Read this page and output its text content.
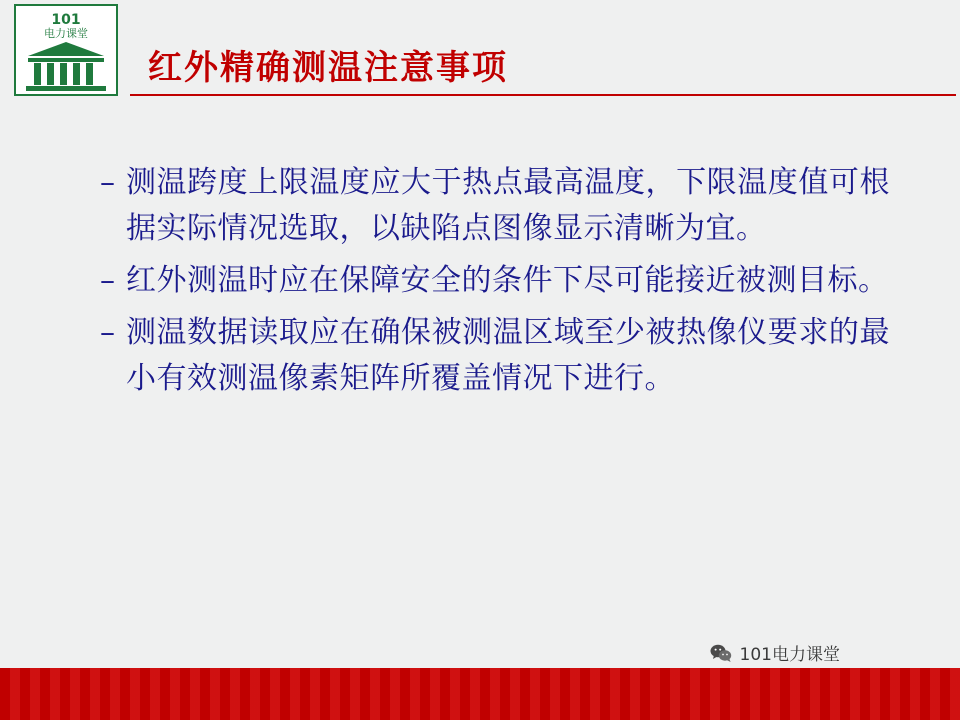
101
电力课堂
红外精确测温注意事项
– 测温跨度上限温度应大于热点最高温度，下限温度值可根据实际情况选取，以缺陷点图像显示清晰为宜。
– 红外测温时应在保障安全的条件下尽可能接近被测目标。
– 测温数据读取应在确保被测温区域至少被热像仪要求的最小有效测温像素矩阵所覆盖情况下进行。
101电力课堂
